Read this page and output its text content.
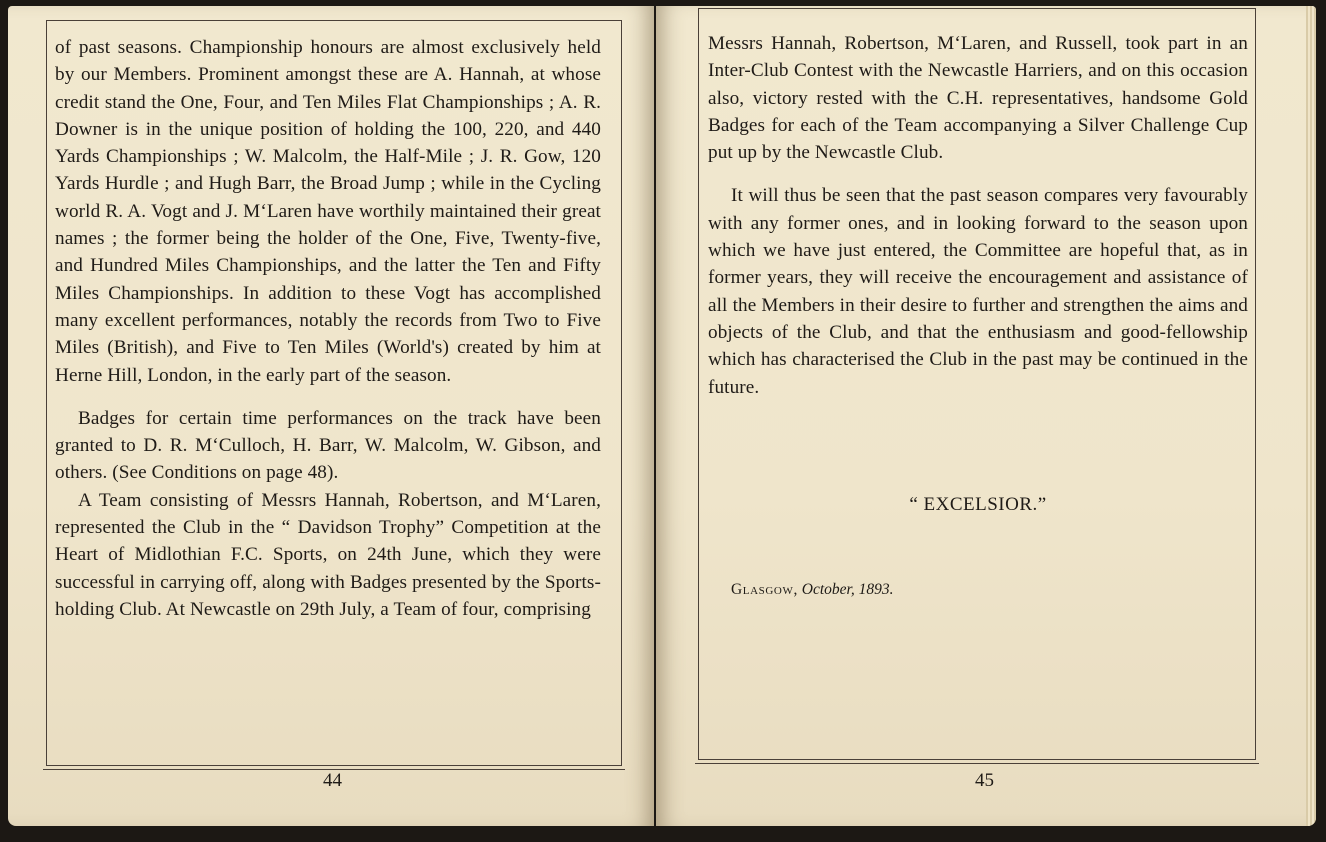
of past seasons. Championship honours are almost exclusively held by our Members. Prominent amongst these are A. Hannah, at whose credit stand the One, Four, and Ten Miles Flat Championships ; A. R. Downer is in the unique position of holding the 100, 220, and 440 Yards Championships ; W. Malcolm, the Half-Mile ; J. R. Gow, 120 Yards Hurdle ; and Hugh Barr, the Broad Jump ; while in the Cycling world R. A. Vogt and J. M‘Laren have worthily maintained their great names ; the former being the holder of the One, Five, Twenty-five, and Hundred Miles Championships, and the latter the Ten and Fifty Miles Championships. In addition to these Vogt has accomplished many excellent performances, notably the records from Two to Five Miles (British), and Five to Ten Miles (World's) created by him at Herne Hill, London, in the early part of the season.

Badges for certain time performances on the track have been granted to D. R. M‘Culloch, H. Barr, W. Malcolm, W. Gibson, and others. (See Conditions on page 48).

A Team consisting of Messrs Hannah, Robertson, and M‘Laren, represented the Club in the “ Davidson Trophy” Competition at the Heart of Midlothian F.C. Sports, on 24th June, which they were successful in carrying off, along with Badges presented by the Sports-holding Club. At Newcastle on 29th July, a Team of four, comprising

Messrs Hannah, Robertson, M‘Laren, and Russell, took part in an Inter-Club Contest with the Newcastle Harriers, and on this occasion also, victory rested with the C.H. representatives, handsome Gold Badges for each of the Team accompanying a Silver Challenge Cup put up by the Newcastle Club.

It will thus be seen that the past season compares very favourably with any former ones, and in looking forward to the season upon which we have just entered, the Committee are hopeful that, as in former years, they will receive the encouragement and assistance of all the Members in their desire to further and strengthen the aims and objects of the Club, and that the enthusiasm and good-fellowship which has characterised the Club in the past may be continued in the future.

“ EXCELSIOR.”
Glasgow, October, 1893.
44	45
